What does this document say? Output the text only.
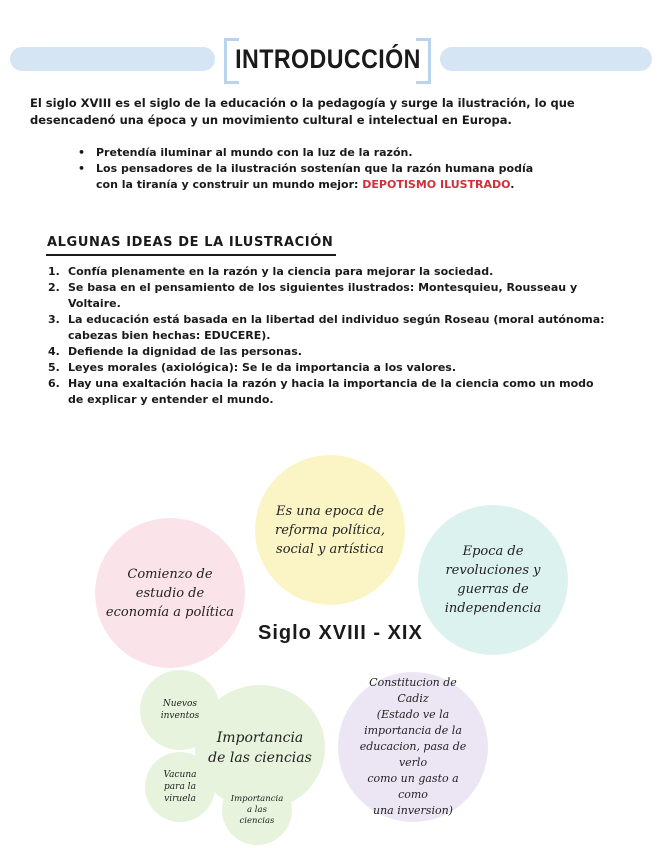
INTRODUCCIÓN
El siglo XVIII es el siglo de la educación o la pedagogía y surge la ilustración, lo que desencadenó una época y un movimiento cultural e intelectual en Europa.
• Pretendía iluminar al mundo con la luz de la razón.
• Los pensadores de la ilustración sostenían que la razón humana podía con la tiranía y construir un mundo mejor: DEPOTISMO ILUSTRADO.
ALGUNAS IDEAS DE LA ILUSTRACIÓN
1. Confía plenamente en la razón y la ciencia para mejorar la sociedad.
2. Se basa en el pensamiento de los siguientes ilustrados: Montesquieu, Rousseau y Voltaire.
3. La educación está basada en la libertad del individuo según Roseau (moral autónoma: cabezas bien hechas: EDUCERE).
4. Defiende la dignidad de las personas.
5. Leyes morales (axiológica): Se le da importancia a los valores.
6. Hay una exaltación hacia la razón y hacia la importancia de la ciencia como un modo de explicar y entender el mundo.
Es una epoca de
reforma política,
social y artística
Comienzo de
estudio de
economía a política
Epoca de
revoluciones y
guerras de
independencia
Siglo XVIII - XIX
Nuevos
inventos
Importancia
de las ciencias
Vacuna
para la
viruela	Importancia
a las
ciencias
Constitucion de Cadiz
(Estado ve la
importancia de la
educacion, pasa de verlo
como un gasto a como
una inversion)
